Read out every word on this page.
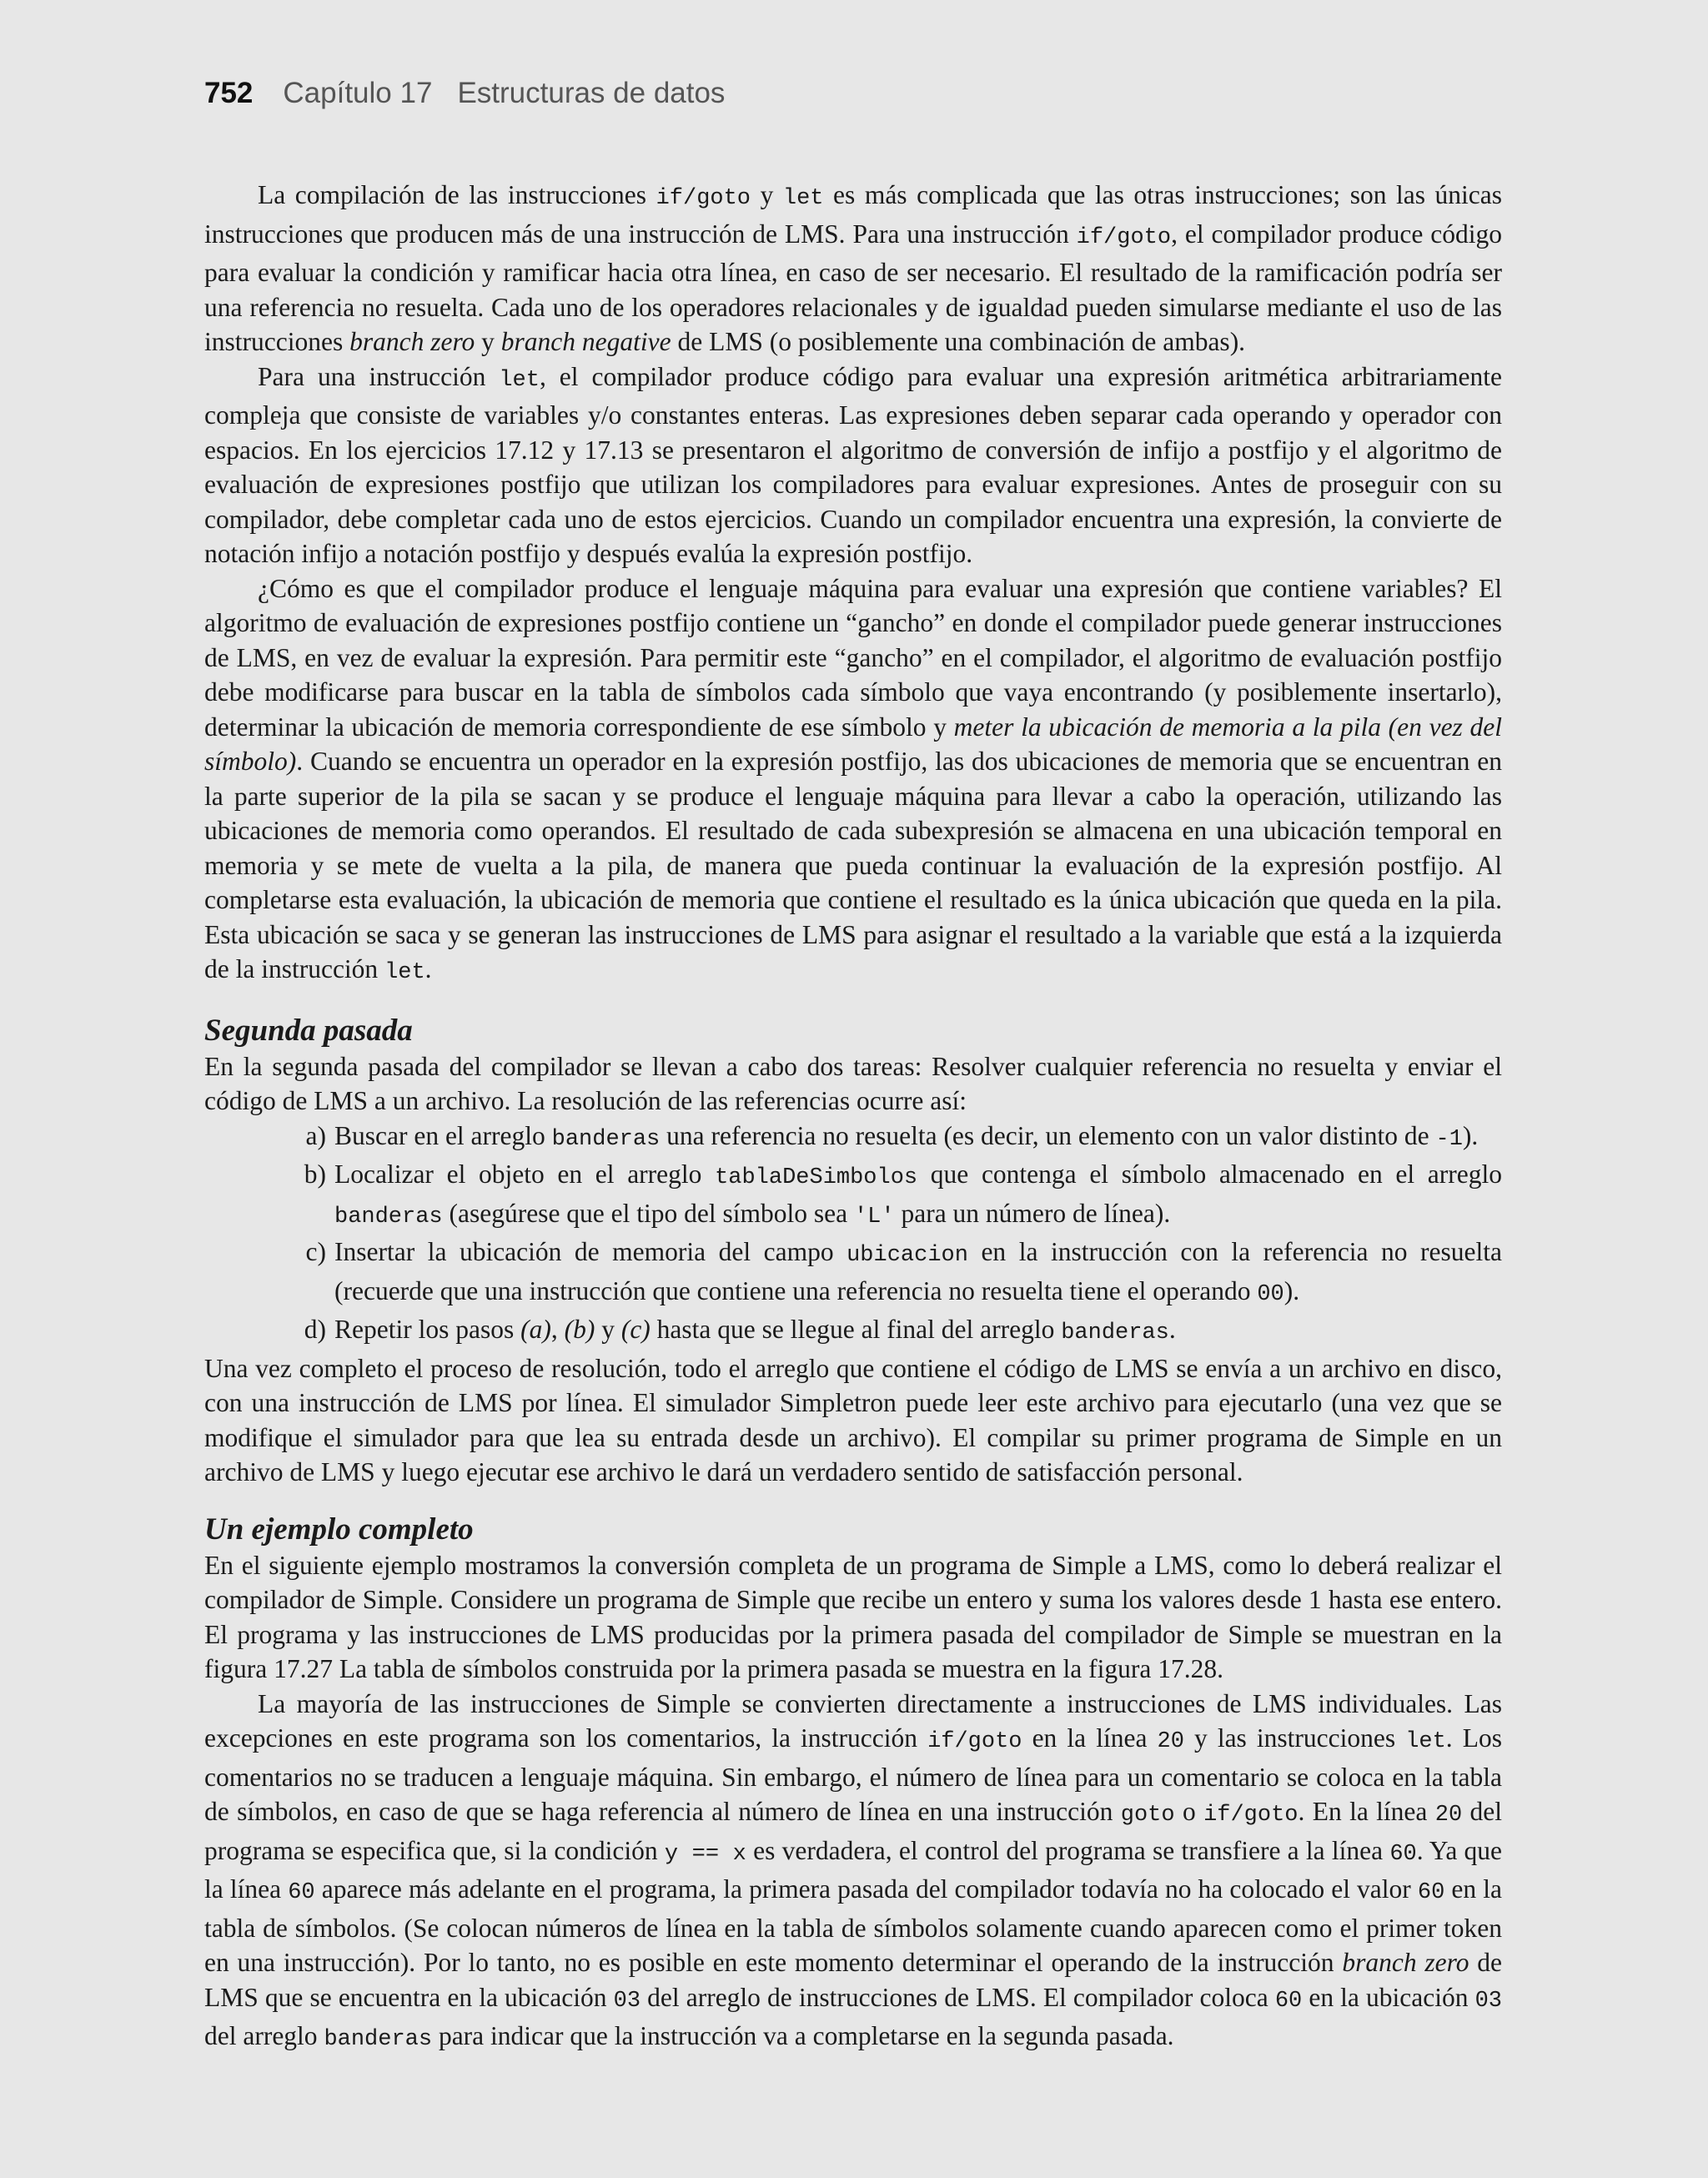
752 Capítulo 17 Estructuras de datos

La compilación de las instrucciones if/goto y let es más complicada que las otras instrucciones; son las únicas instrucciones que producen más de una instrucción de LMS. Para una instrucción if/goto, el compilador produce código para evaluar la condición y ramificar hacia otra línea, en caso de ser necesario. El resultado de la ramificación podría ser una referencia no resuelta. Cada uno de los operadores relacionales y de igualdad pueden simularse mediante el uso de las instrucciones branch zero y branch negative de LMS (o posiblemente una combinación de ambas).

Para una instrucción let, el compilador produce código para evaluar una expresión aritmética arbitrariamente compleja que consiste de variables y/o constantes enteras. Las expresiones deben separar cada operando y operador con espacios. En los ejercicios 17.12 y 17.13 se presentaron el algoritmo de conversión de infijo a postfijo y el algoritmo de evaluación de expresiones postfijo que utilizan los compiladores para evaluar expresiones. Antes de proseguir con su compilador, debe completar cada uno de estos ejercicios. Cuando un compilador encuentra una expresión, la convierte de notación infijo a notación postfijo y después evalúa la expresión postfijo.

¿Cómo es que el compilador produce el lenguaje máquina para evaluar una expresión que contiene variables? El algoritmo de evaluación de expresiones postfijo contiene un “gancho” en donde el compilador puede generar instrucciones de LMS, en vez de evaluar la expresión. Para permitir este “gancho” en el compilador, el algoritmo de evaluación postfijo debe modificarse para buscar en la tabla de símbolos cada símbolo que vaya encontrando (y posiblemente insertarlo), determinar la ubicación de memoria correspondiente de ese símbolo y meter la ubicación de memoria a la pila (en vez del símbolo). Cuando se encuentra un operador en la expresión postfijo, las dos ubicaciones de memoria que se encuentran en la parte superior de la pila se sacan y se produce el lenguaje máquina para llevar a cabo la operación, utilizando las ubicaciones de memoria como operandos. El resultado de cada subexpresión se almacena en una ubicación temporal en memoria y se mete de vuelta a la pila, de manera que pueda continuar la evaluación de la expresión postfijo. Al completarse esta evaluación, la ubicación de memoria que contiene el resultado es la única ubicación que queda en la pila. Esta ubicación se saca y se generan las instrucciones de LMS para asignar el resultado a la variable que está a la izquierda de la instrucción let.

Segunda pasada

En la segunda pasada del compilador se llevan a cabo dos tareas: Resolver cualquier referencia no resuelta y enviar el código de LMS a un archivo. La resolución de las referencias ocurre así:

a) Buscar en el arreglo banderas una referencia no resuelta (es decir, un elemento con un valor distinto de -1).
b) Localizar el objeto en el arreglo tablaDeSimbolos que contenga el símbolo almacenado en el arreglo banderas (asegúrese que el tipo del símbolo sea 'L' para un número de línea).
c) Insertar la ubicación de memoria del campo ubicacion en la instrucción con la referencia no resuelta (recuerde que una instrucción que contiene una referencia no resuelta tiene el operando 00).
d) Repetir los pasos (a), (b) y (c) hasta que se llegue al final del arreglo banderas.

Una vez completo el proceso de resolución, todo el arreglo que contiene el código de LMS se envía a un archivo en disco, con una instrucción de LMS por línea. El simulador Simpletron puede leer este archivo para ejecutarlo (una vez que se modifique el simulador para que lea su entrada desde un archivo). El compilar su primer programa de Simple en un archivo de LMS y luego ejecutar ese archivo le dará un verdadero sentido de satisfacción personal.

Un ejemplo completo

En el siguiente ejemplo mostramos la conversión completa de un programa de Simple a LMS, como lo deberá realizar el compilador de Simple. Considere un programa de Simple que recibe un entero y suma los valores desde 1 hasta ese entero. El programa y las instrucciones de LMS producidas por la primera pasada del compilador de Simple se muestran en la figura 17.27 La tabla de símbolos construida por la primera pasada se muestra en la figura 17.28.

La mayoría de las instrucciones de Simple se convierten directamente a instrucciones de LMS individuales. Las excepciones en este programa son los comentarios, la instrucción if/goto en la línea 20 y las instrucciones let. Los comentarios no se traducen a lenguaje máquina. Sin embargo, el número de línea para un comentario se coloca en la tabla de símbolos, en caso de que se haga referencia al número de línea en una instrucción goto o if/goto. En la línea 20 del programa se especifica que, si la condición y == x es verdadera, el control del programa se transfiere a la línea 60. Ya que la línea 60 aparece más adelante en el programa, la primera pasada del compilador todavía no ha colocado el valor 60 en la tabla de símbolos. (Se colocan números de línea en la tabla de símbolos solamente cuando aparecen como el primer token en una instrucción). Por lo tanto, no es posible en este momento determinar el operando de la instrucción branch zero de LMS que se encuentra en la ubicación 03 del arreglo de instrucciones de LMS. El compilador coloca 60 en la ubicación 03 del arreglo banderas para indicar que la instrucción va a completarse en la segunda pasada.
